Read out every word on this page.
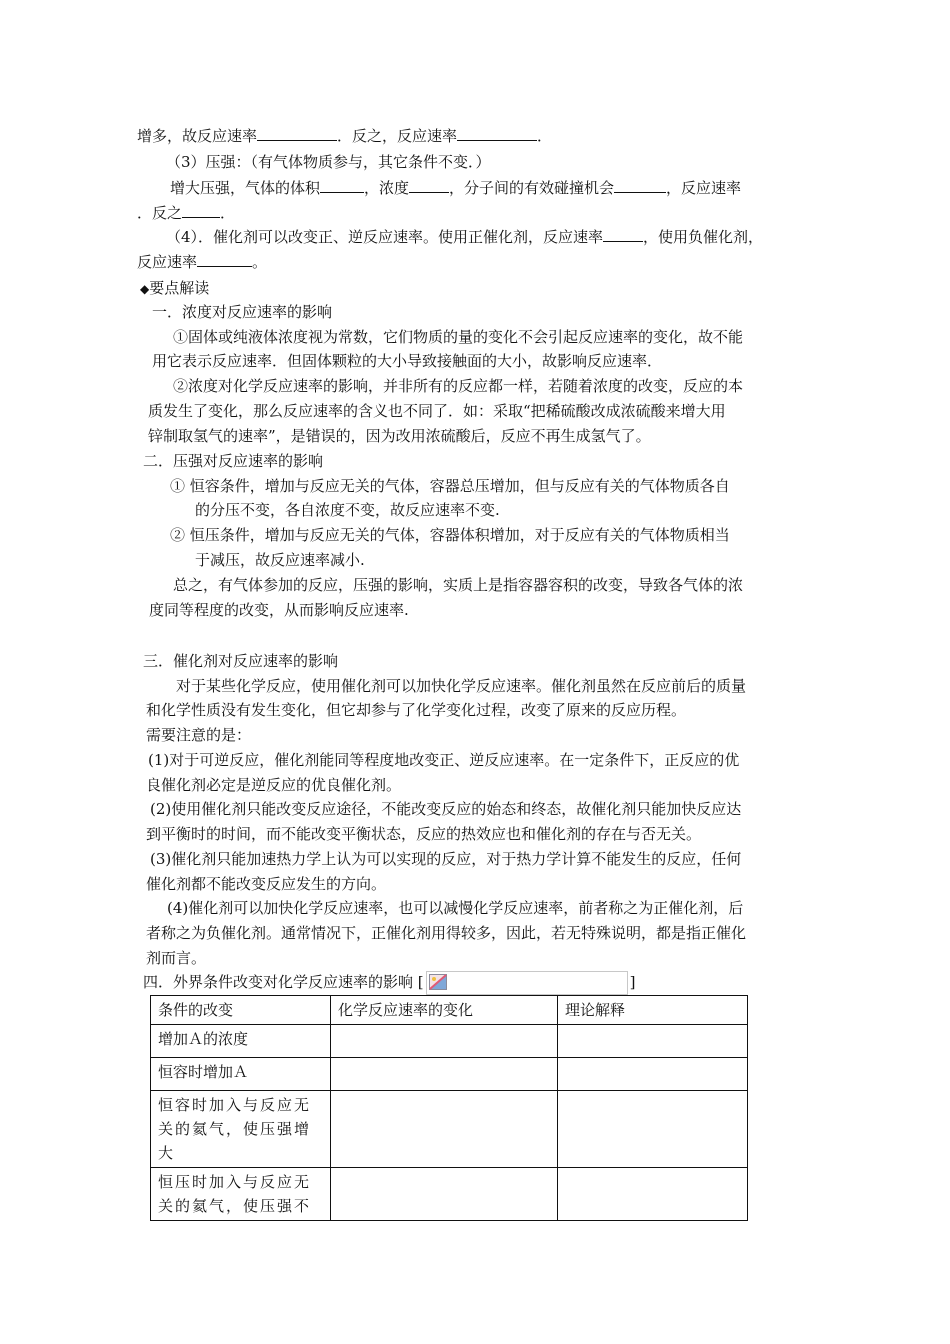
增多，故反应速率	．反之，反应速率	．
（3）压强：（有气体物质参与，其它条件不变．）
增大压强，气体的体积	，浓度	，分子间的有效碰撞机会	，反应速率
．反之	．
（4）．催化剂可以改变正、逆反应速率。使用正催化剂，反应速率	，使用负催化剂，
反应速率	。
◆要点解读
一．浓度对反应速率的影响
①固体或纯液体浓度视为常数，它们物质的量的变化不会引起反应速率的变化，故不能
用它表示反应速率．但固体颗粒的大小导致接触面的大小，故影响反应速率．
②浓度对化学反应速率的影响，并非所有的反应都一样，若随着浓度的改变，反应的本
质发生了变化，那么反应速率的含义也不同了．如：采取“把稀硫酸改成浓硫酸来增大用
锌制取氢气的速率”，是错误的，因为改用浓硫酸后，反应不再生成氢气了。
二．压强对反应速率的影响
① 恒容条件，增加与反应无关的气体，容器总压增加，但与反应有关的气体物质各自
的分压不变，各自浓度不变，故反应速率不变.
② 恒压条件，增加与反应无关的气体，容器体积增加，对于反应有关的气体物质相当
于减压，故反应速率减小.
总之，有气体参加的反应，压强的影响，实质上是指容器容积的改变，导致各气体的浓
度同等程度的改变，从而影响反应速率.
三．催化剂对反应速率的影响
对于某些化学反应，使用催化剂可以加快化学反应速率。催化剂虽然在反应前后的质量
和化学性质没有发生变化，但它却参与了化学变化过程，改变了原来的反应历程。
需要注意的是：
(1)对于可逆反应，催化剂能同等程度地改变正、逆反应速率。在一定条件下，正反应的优
良催化剂必定是逆反应的优良催化剂。
(2)使用催化剂只能改变反应途径，不能改变反应的始态和终态，故催化剂只能加快反应达
到平衡时的时间，而不能改变平衡状态，反应的热效应也和催化剂的存在与否无关。
(3)催化剂只能加速热力学上认为可以实现的反应，对于热力学计算不能发生的反应，任何
催化剂都不能改变反应发生的方向。
(4)催化剂可以加快化学反应速率，也可以减慢化学反应速率，前者称之为正催化剂，后
者称之为负催化剂。通常情况下，正催化剂用得较多，因此，若无特殊说明，都是指正催化
剂而言。
四．外界条件改变对化学反应速率的影响 [	]
条件的改变	化学反应速率的变化	理论解释
增加Ａ的浓度		
恒容时增加Ａ		
恒容时加入与反应无关的氦气，使压强增大		
恒压时加入与反应无关的氦气，使压强不		
